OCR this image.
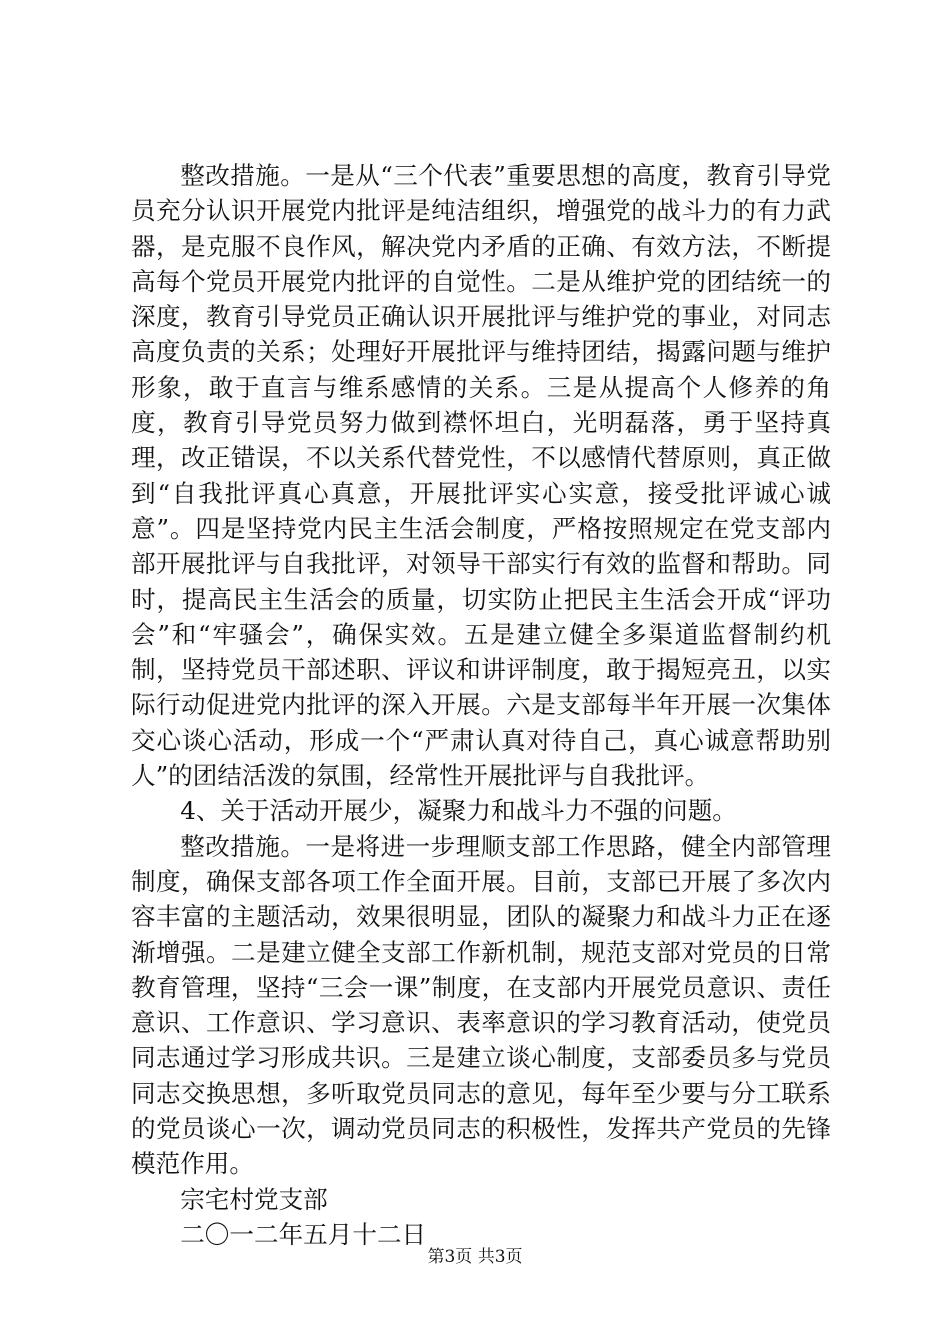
整改措施。一是从“三个代表”重要思想的高度，教育引导党员充分认识开展党内批评是纯洁组织，增强党的战斗力的有力武器，是克服不良作风，解决党内矛盾的正确、有效方法，不断提高每个党员开展党内批评的自觉性。二是从维护党的团结统一的深度，教育引导党员正确认识开展批评与维护党的事业，对同志高度负责的关系；处理好开展批评与维持团结，揭露问题与维护形象，敢于直言与维系感情的关系。三是从提高个人修养的角度，教育引导党员努力做到襟怀坦白，光明磊落，勇于坚持真理，改正错误，不以关系代替党性，不以感情代替原则，真正做到“自我批评真心真意，开展批评实心实意，接受批评诚心诚意”。四是坚持党内民主生活会制度，严格按照规定在党支部内部开展批评与自我批评，对领导干部实行有效的监督和帮助。同时，提高民主生活会的质量，切实防止把民主生活会开成“评功会”和“牢骚会”，确保实效。五是建立健全多渠道监督制约机制，坚持党员干部述职、评议和讲评制度，敢于揭短亮丑，以实际行动促进党内批评的深入开展。六是支部每半年开展一次集体交心谈心活动，形成一个“严肃认真对待自己，真心诚意帮助别人”的团结活泼的氛围，经常性开展批评与自我批评。

4、关于活动开展少，凝聚力和战斗力不强的问题。

整改措施。一是将进一步理顺支部工作思路，健全内部管理制度，确保支部各项工作全面开展。目前，支部已开展了多次内容丰富的主题活动，效果很明显，团队的凝聚力和战斗力正在逐渐增强。二是建立健全支部工作新机制，规范支部对党员的日常教育管理，坚持“三会一课”制度，在支部内开展党员意识、责任意识、工作意识、学习意识、表率意识的学习教育活动，使党员同志通过学习形成共识。三是建立谈心制度，支部委员多与党员同志交换思想，多听取党员同志的意见，每年至少要与分工联系的党员谈心一次，调动党员同志的积极性，发挥共产党员的先锋模范作用。

宗宅村党支部

二〇一二年五月十二日

第3页 共3页
